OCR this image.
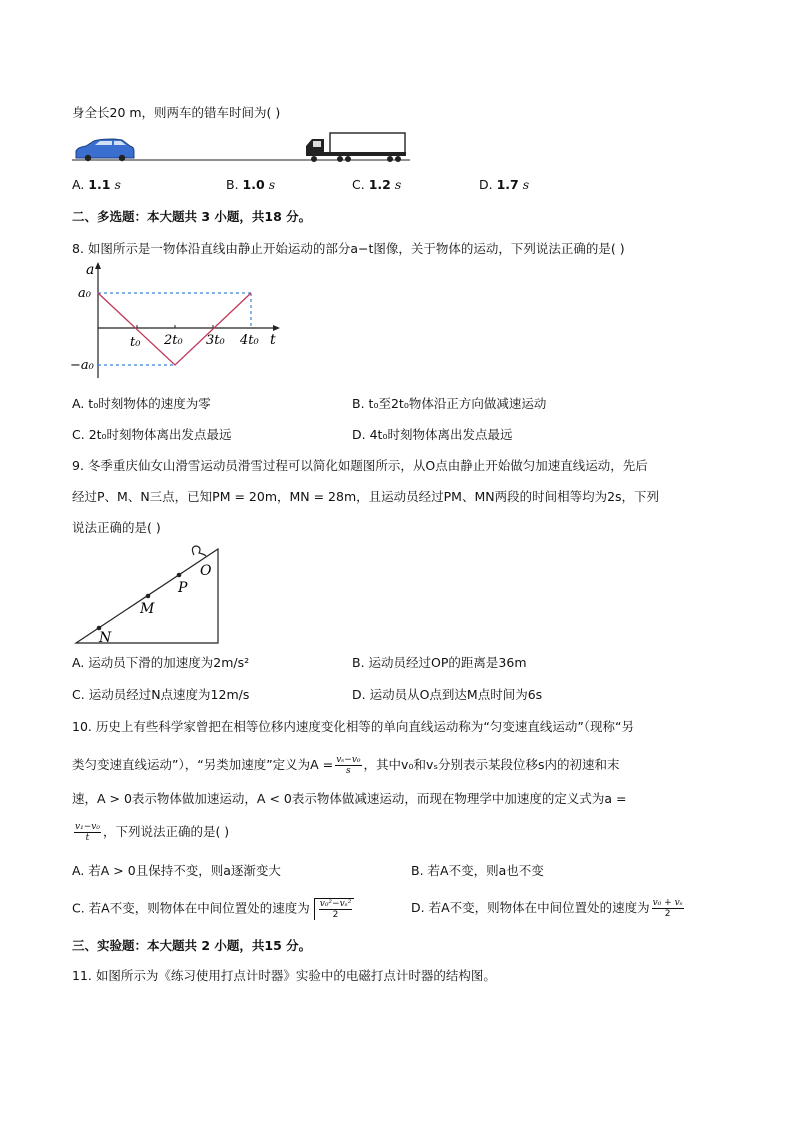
身全长20 m，则两车的错车时间为( )
A. 1.1 s	B. 1.0 s	C. 1.2 s	D. 1.7 s
二、多选题：本大题共 3 小题，共18 分。
8. 如图所示是一物体沿直线由静止开始运动的部分a−t图像，关于物体的运动，下列说法正确的是( )
a
t
a₀
−a₀
t₀ 2t₀ 3t₀ 4t₀
A. t₀时刻物体的速度为零	B. t₀至2t₀物体沿正方向做减速运动
C. 2t₀时刻物体离出发点最远	D. 4t₀时刻物体离出发点最远
9. 冬季重庆仙女山滑雪运动员滑雪过程可以简化如题图所示，从O点由静止开始做匀加速直线运动，先后
经过P、M、N三点，已知PM = 20m，MN = 28m，且运动员经过PM、MN两段的时间相等均为2s，下列
说法正确的是( )
O
P
M
N
A. 运动员下滑的加速度为2m/s²	B. 运动员经过OP的距离是36m
C. 运动员经过N点速度为12m/s	D. 运动员从O点到达M点时间为6s
10. 历史上有些科学家曾把在相等位移内速度变化相等的单向直线运动称为“匀变速直线运动”（现称“另
类匀变速直线运动”），“另类加速度”定义为$A = \frac{\text{vₛ−v₀}}{s}$ ，其中v₀和vₛ分别表示某段位移s内的初速和末
速，A > 0表示物体做加速运动，A < 0表示物体做减速运动，而现在物理学中加速度的定义式为a =
$\frac{\text{v₁−v₀}}{t}$ ，下列说法正确的是( )
A. 若A > 0且保持不变，则a逐渐变大	B. 若A不变，则a也不变
C. 若A不变，则物体在中间位置处的速度为 $\frac{\text{v₀²−vₛ²}}{2}$	D. 若A不变，则物体在中间位置处的速度为 $\frac{\text{v₀ + vₛ}}{2}$
三、实验题：本大题共 2 小题，共15 分。
11. 如图所示为《练习使用打点计时器》实验中的电磁打点计时器的结构图。
